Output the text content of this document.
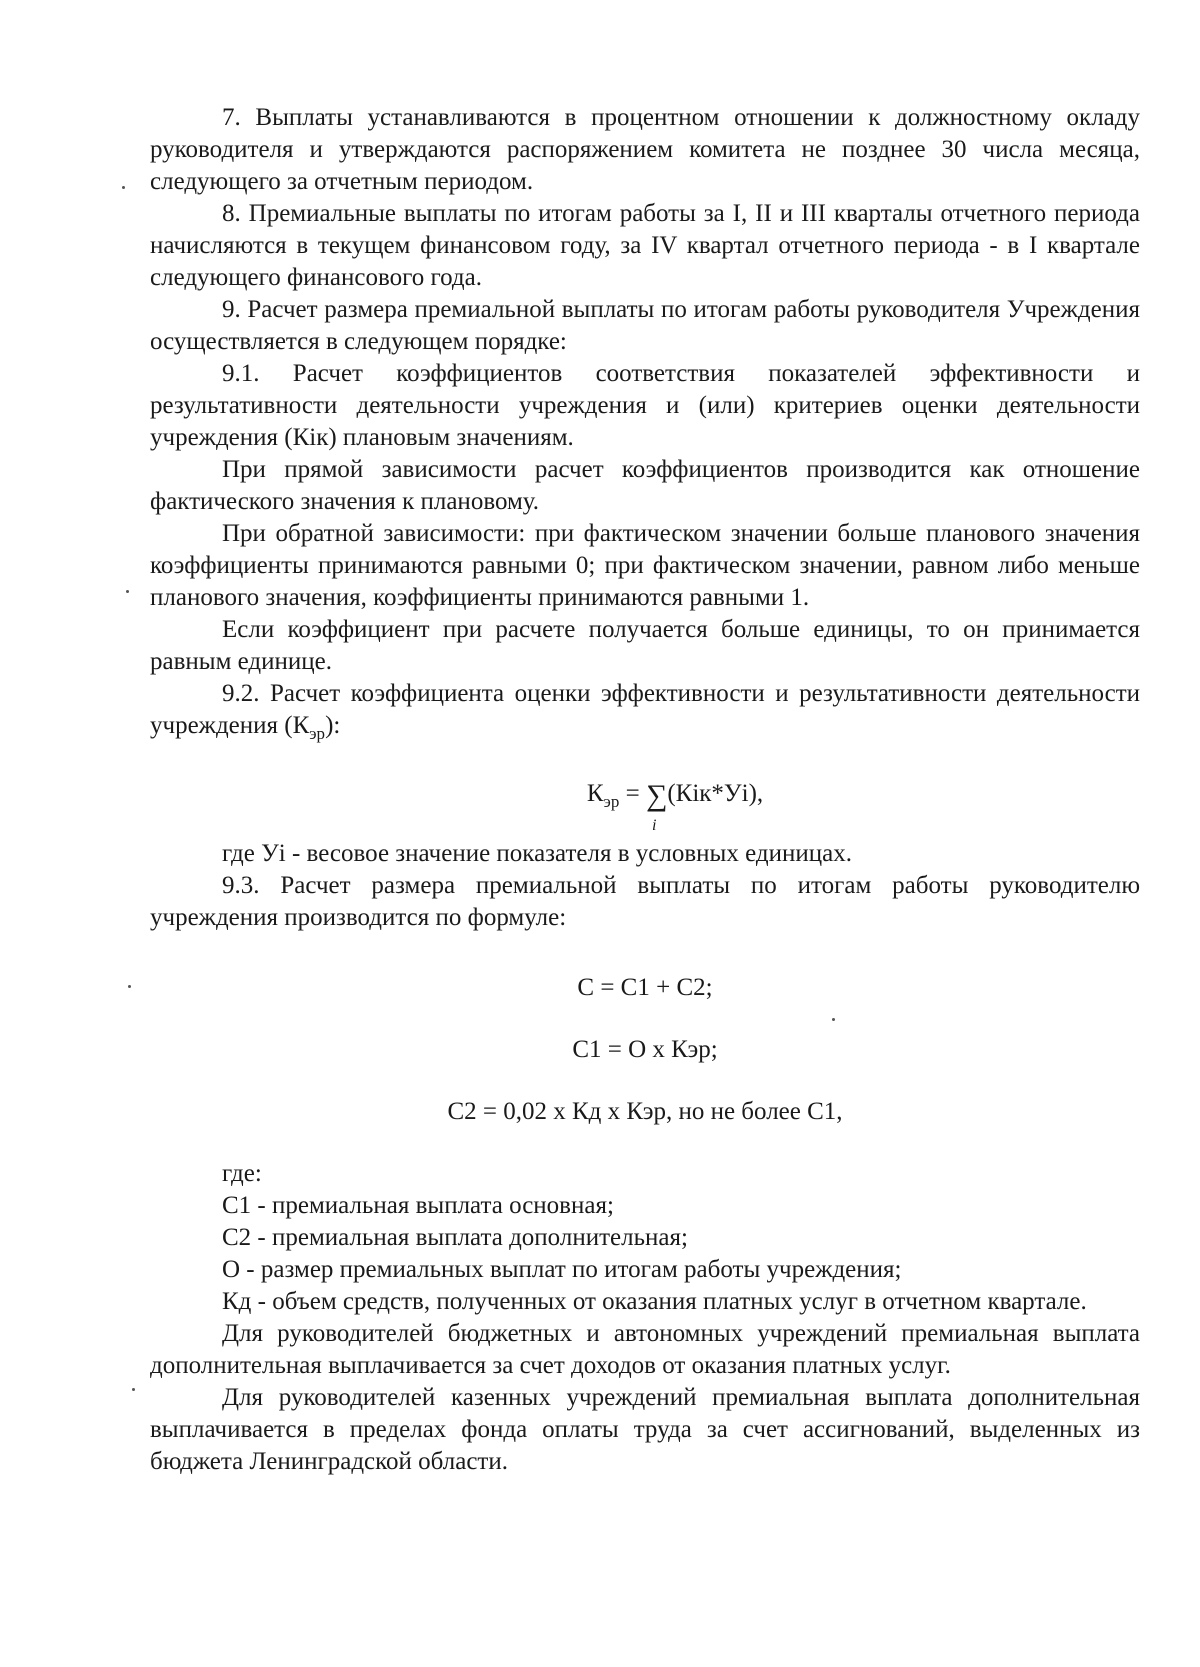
7. Выплаты устанавливаются в процентном отношении к должностному окладу руководителя и утверждаются распоряжением комитета не позднее 30 числа месяца, следующего за отчетным периодом.

8. Премиальные выплаты по итогам работы за I, II и III кварталы отчетного периода начисляются в текущем финансовом году, за IV квартал отчетного периода - в I квартале следующего финансового года.

9. Расчет размера премиальной выплаты по итогам работы руководителя Учреждения осуществляется в следующем порядке:

9.1. Расчет коэффициентов соответствия показателей эффективности и результативности деятельности учреждения и (или) критериев оценки деятельности учреждения (Кiк) плановым значениям.

При прямой зависимости расчет коэффициентов производится как отношение фактического значения к плановому.

При обратной зависимости: при фактическом значении больше планового значения коэффициенты принимаются равными 0; при фактическом значении, равном либо меньше планового значения, коэффициенты принимаются равными 1.

Если коэффициент при расчете получается больше единицы, то он принимается равным единице.

9.2. Расчет коэффициента оценки эффективности и результативности деятельности учреждения $(К_{эр})$:

$К_{эр}$ = ∑
i
(Кiк*Уi),

где Уi - весовое значение показателя в условных единицах.

9.3. Расчет размера премиальной выплаты по итогам работы руководителю учреждения производится по формуле:

С = С1 + С2;

С1 = О х Кэр;

С2 = 0,02 х Кд х Кэр, но не более С1,

где:

С1 - премиальная выплата основная;

С2 - премиальная выплата дополнительная;

О - размер премиальных выплат по итогам работы учреждения;

Кд - объем средств, полученных от оказания платных услуг в отчетном квартале.

Для руководителей бюджетных и автономных учреждений премиальная выплата дополнительная выплачивается за счет доходов от оказания платных услуг.

Для руководителей казенных учреждений премиальная выплата дополнительная выплачивается в пределах фонда оплаты труда за счет ассигнований, выделенных из бюджета Ленинградской области.
